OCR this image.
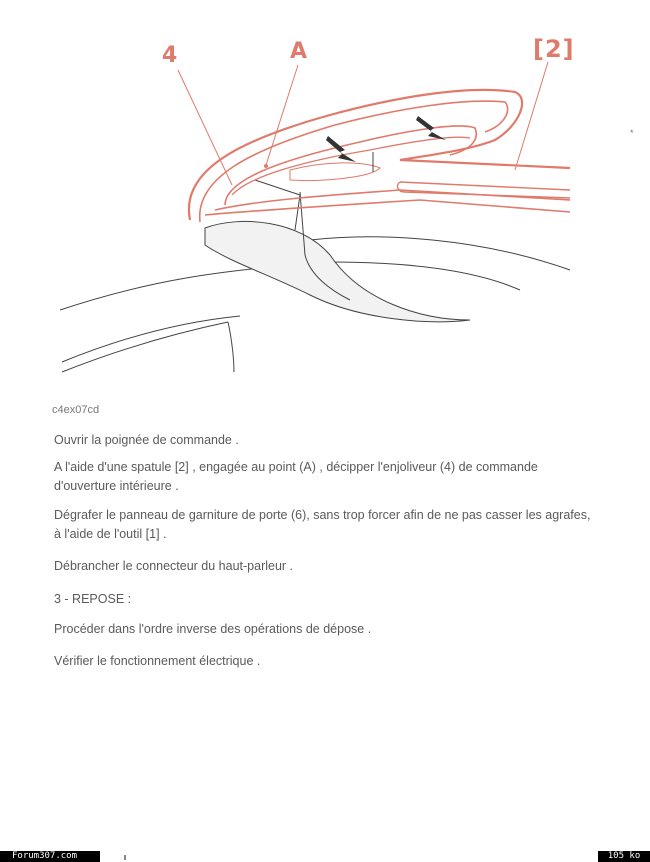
4	A	[2]
*
c4ex07cd

Ouvrir la poignée de commande .

A l'aide d'une spatule [2] , engagée au point (A) , décipper l'enjoliveur (4) de commande d'ouverture intérieure .

Dégrafer le panneau de garniture de porte (6), sans trop forcer afin de ne pas casser les agrafes, à l'aide de l'outil [1] .

Débrancher le connecteur du haut-parleur .

3 - REPOSE :

Procéder dans l'ordre inverse des opérations de dépose .

Vérifier le fonctionnement électrique .

Forum307.com	105 ko
